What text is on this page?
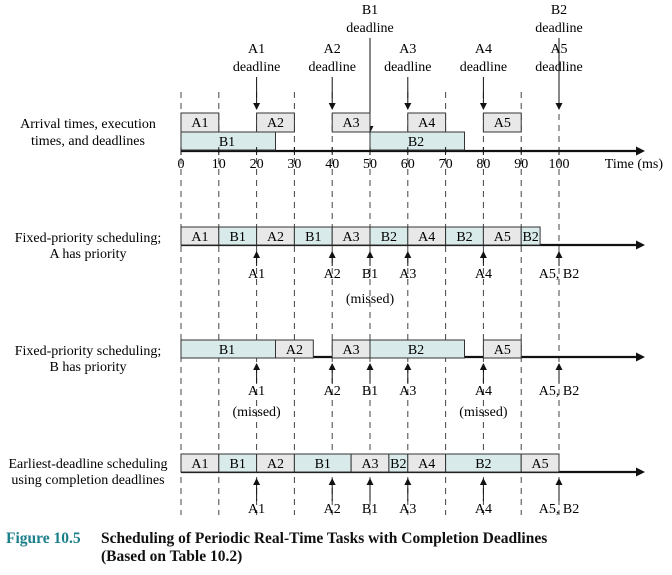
A1
deadline
A2
deadline
B1
deadline
A3
deadline
A4
deadline
A5
deadline
B2
deadline
Arrival times, execution
times, and deadlines
A1	A2	A3	A4	A5
B1	B2
0 10 20 30 40 50 60 70 80 90 100	Time (ms)
Fixed-priority scheduling;
A has priority
A1 B1 A2 B1 A3 B2 A4 B2 A5 B2
A1	A2 B1
(missed)
A3	A4	A5, B2
Fixed-priority scheduling;
B has priority
B1	A2	A3	B2	A5
A1
(missed)
A2 B1 A3	A4
(missed)
A5, B2
Earliest-deadline scheduling
using completion deadlines
A1 B1 A2 B1 A3 B2 A4	B2	A5
A1	A2 B1 A3	A4	A5, B2
Figure 10.5 Scheduling of Periodic Real-Time Tasks with Completion Deadlines
(Based on Table 10.2)
